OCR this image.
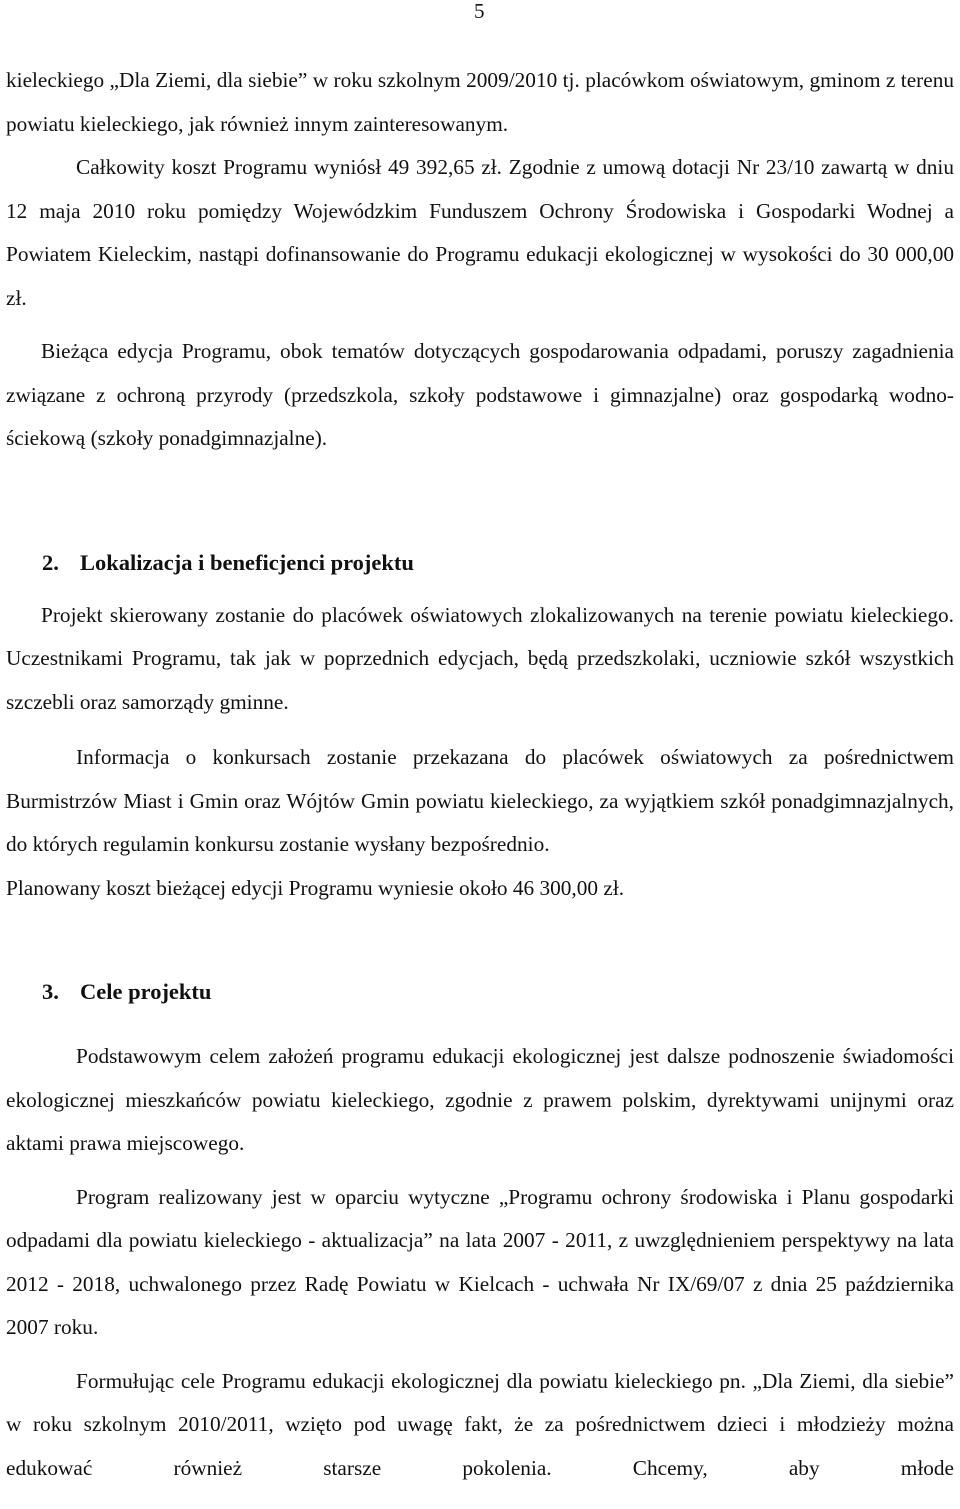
5

kieleckiego „Dla Ziemi, dla siebie” w roku szkolnym 2009/2010 tj. placówkom oświatowym, gminom z terenu powiatu kieleckiego, jak również innym zainteresowanym.

Całkowity koszt Programu wyniósł 49 392,65 zł. Zgodnie z umową dotacji Nr 23/10 zawartą w dniu 12 maja 2010 roku pomiędzy Wojewódzkim Funduszem Ochrony Środowiska i Gospodarki Wodnej a Powiatem Kieleckim, nastąpi dofinansowanie do Programu edukacji ekologicznej w wysokości do 30 000,00 zł.

Bieżąca edycja Programu, obok tematów dotyczących gospodarowania odpadami, poruszy zagadnienia związane z ochroną przyrody (przedszkola, szkoły podstawowe i gimnazjalne) oraz gospodarką wodno-ściekową (szkoły ponadgimnazjalne).

2. Lokalizacja i beneficjenci projektu

Projekt skierowany zostanie do placówek oświatowych zlokalizowanych na terenie powiatu kieleckiego. Uczestnikami Programu, tak jak w poprzednich edycjach, będą przedszkolaki, uczniowie szkół wszystkich szczebli oraz samorządy gminne.

Informacja o konkursach zostanie przekazana do placówek oświatowych za pośrednictwem Burmistrzów Miast i Gmin oraz Wójtów Gmin powiatu kieleckiego, za wyjątkiem szkół ponadgimnazjalnych, do których regulamin konkursu zostanie wysłany bezpośrednio.

Planowany koszt bieżącej edycji Programu wyniesie około 46 300,00 zł.

3. Cele projektu

Podstawowym celem założeń programu edukacji ekologicznej jest dalsze podnoszenie świadomości ekologicznej mieszkańców powiatu kieleckiego, zgodnie z prawem polskim, dyrektywami unijnymi oraz aktami prawa miejscowego.

Program realizowany jest w oparciu wytyczne „Programu ochrony środowiska i Planu gospodarki odpadami dla powiatu kieleckiego - aktualizacja” na lata 2007 - 2011, z uwzględnieniem perspektywy na lata 2012 - 2018, uchwalonego przez Radę Powiatu w Kielcach - uchwała Nr IX/69/07 z dnia 25 października 2007 roku.

Formułując cele Programu edukacji ekologicznej dla powiatu kieleckiego pn. „Dla Ziemi, dla siebie” w roku szkolnym 2010/2011, wzięto pod uwagę fakt, że za pośrednictwem dzieci i młodzieży można edukować również starsze pokolenia. Chcemy, aby młode
